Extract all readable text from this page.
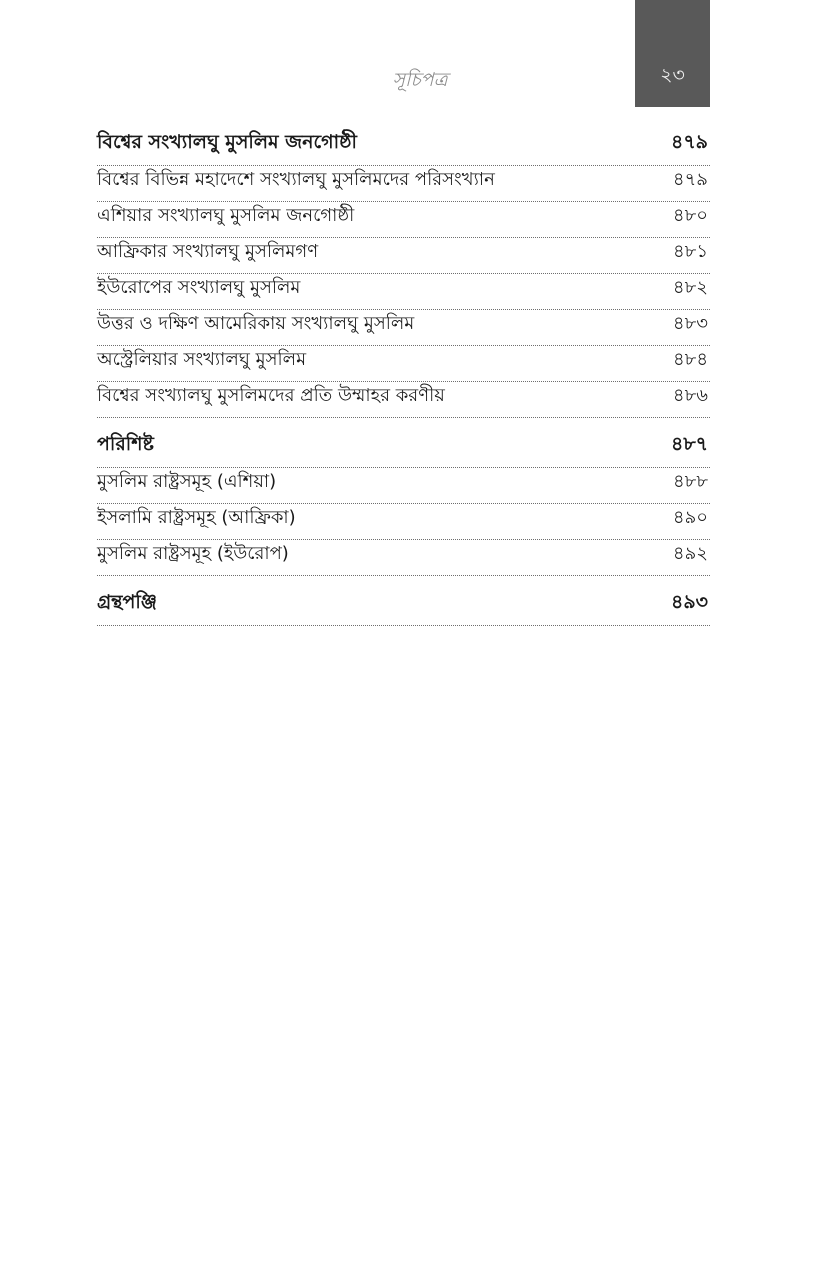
২৩
সূচিপত্র
বিশ্বের সংখ্যালঘু মুসলিম জনগোষ্ঠী	৪৭৯
বিশ্বের বিভিন্ন মহাদেশে সংখ্যালঘু মুসলিমদের পরিসংখ্যান	৪৭৯
এশিয়ার সংখ্যালঘু মুসলিম জনগোষ্ঠী	৪৮০
আফ্রিকার সংখ্যালঘু মুসলিমগণ	৪৮১
ইউরোপের সংখ্যালঘু মুসলিম	৪৮২
উত্তর ও দক্ষিণ আমেরিকায় সংখ্যালঘু মুসলিম	৪৮৩
অস্ট্রেলিয়ার সংখ্যালঘু মুসলিম	৪৮৪
বিশ্বের সংখ্যালঘু মুসলিমদের প্রতি উম্মাহর করণীয়	৪৮৬
পরিশিষ্ট	৪৮৭
মুসলিম রাষ্ট্রসমূহ (এশিয়া)	৪৮৮
ইসলামি রাষ্ট্রসমূহ (আফ্রিকা)	৪৯০
মুসলিম রাষ্ট্রসমূহ (ইউরোপ)	৪৯২
গ্রন্থপঞ্জি	৪৯৩
